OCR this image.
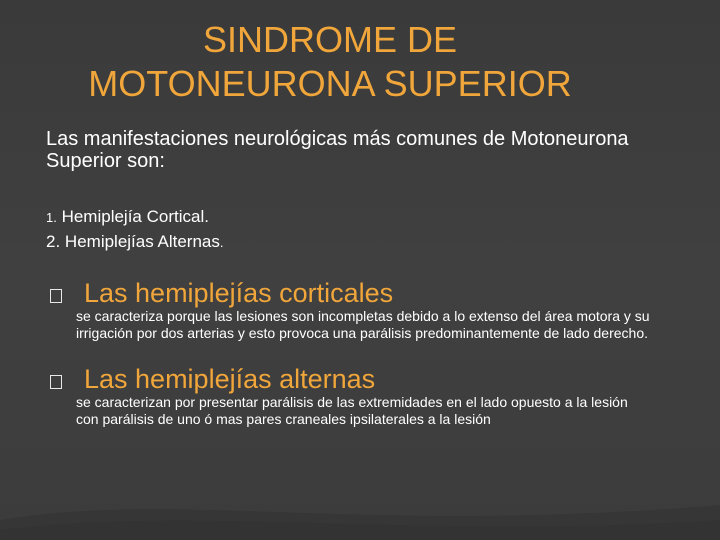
SINDROME DE
MOTONEURONA SUPERIOR
Las manifestaciones neurológicas más comunes de Motoneurona Superior son:
1. Hemiplejía Cortical.
2. Hemiplejías Alternas.
Las hemiplejías corticales
se caracteriza porque las lesiones son incompletas debido a lo extenso del área motora y su irrigación por dos arterias y esto provoca una parálisis predominantemente de lado derecho.
Las hemiplejías alternas
se caracterizan por presentar parálisis de las extremidades en el lado opuesto a la lesión con parálisis de uno ó mas pares craneales ipsilaterales a la lesión
